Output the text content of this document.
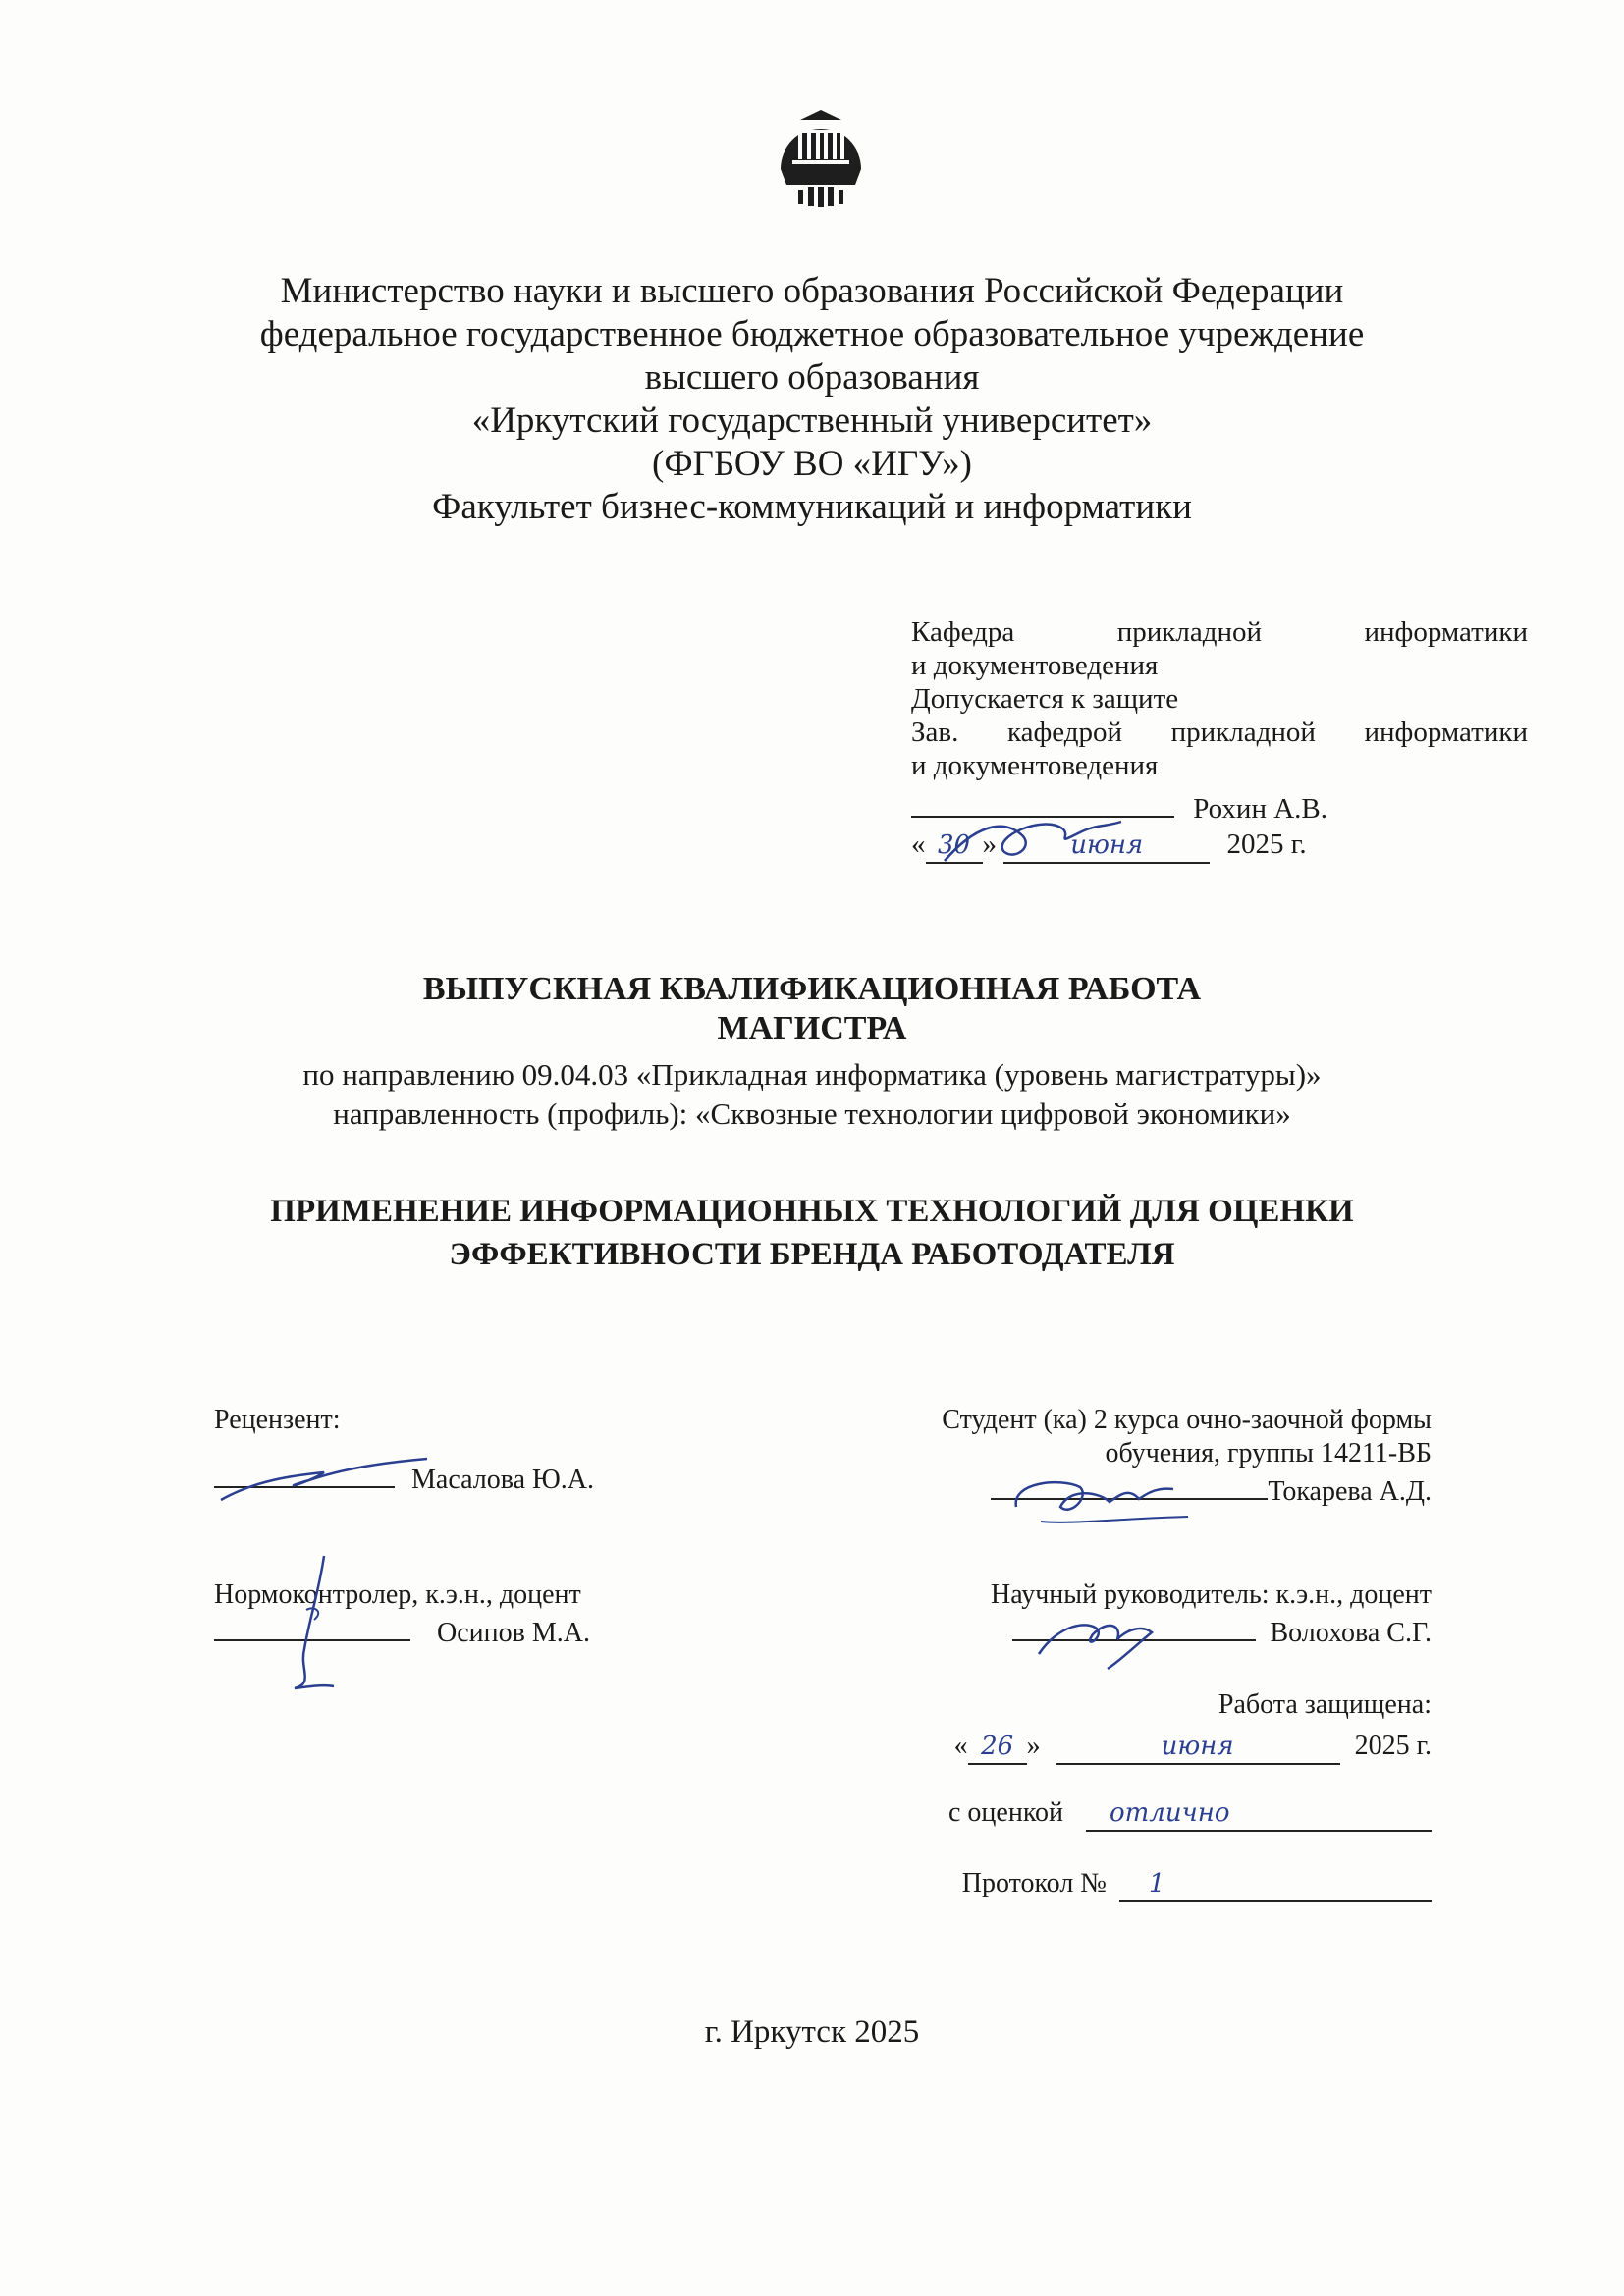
Министерство науки и высшего образования Российской Федерации
федеральное государственное бюджетное образовательное учреждение
высшего образования
«Иркутский государственный университет»
(ФГБОУ ВО «ИГУ»)
Факультет бизнес-коммуникаций и информатики
Кафедра	прикладной	информатики
и документоведения
Допускается к защите
Зав. кафедрой прикладной информатики
и документоведения
Рохин А.В.
« 30 »	июня	2025 г.
ВЫПУСКНАЯ КВАЛИФИКАЦИОННАЯ РАБОТА
МАГИСТРА
по направлению 09.04.03 «Прикладная информатика (уровень магистратуры)»
направленность (профиль): «Сквозные технологии цифровой экономики»
ПРИМЕНЕНИЕ ИНФОРМАЦИОННЫХ ТЕХНОЛОГИЙ ДЛЯ ОЦЕНКИ
ЭФФЕКТИВНОСТИ БРЕНДА РАБОТОДАТЕЛЯ
Рецензент:
Масалова Ю.А.
Студент (ка) 2 курса очно-заочной формы
обучения, группы 14211-ВБ
Токарева А.Д.
Нормоконтролер, к.э.н., доцент
Осипов М.А.
Научный руководитель: к.э.н., доцент
Волохова С.Г.
Работа защищена:
« 26 »	июня	2025 г.
с оценкой отлично
Протокол № 1
г. Иркутск 2025
